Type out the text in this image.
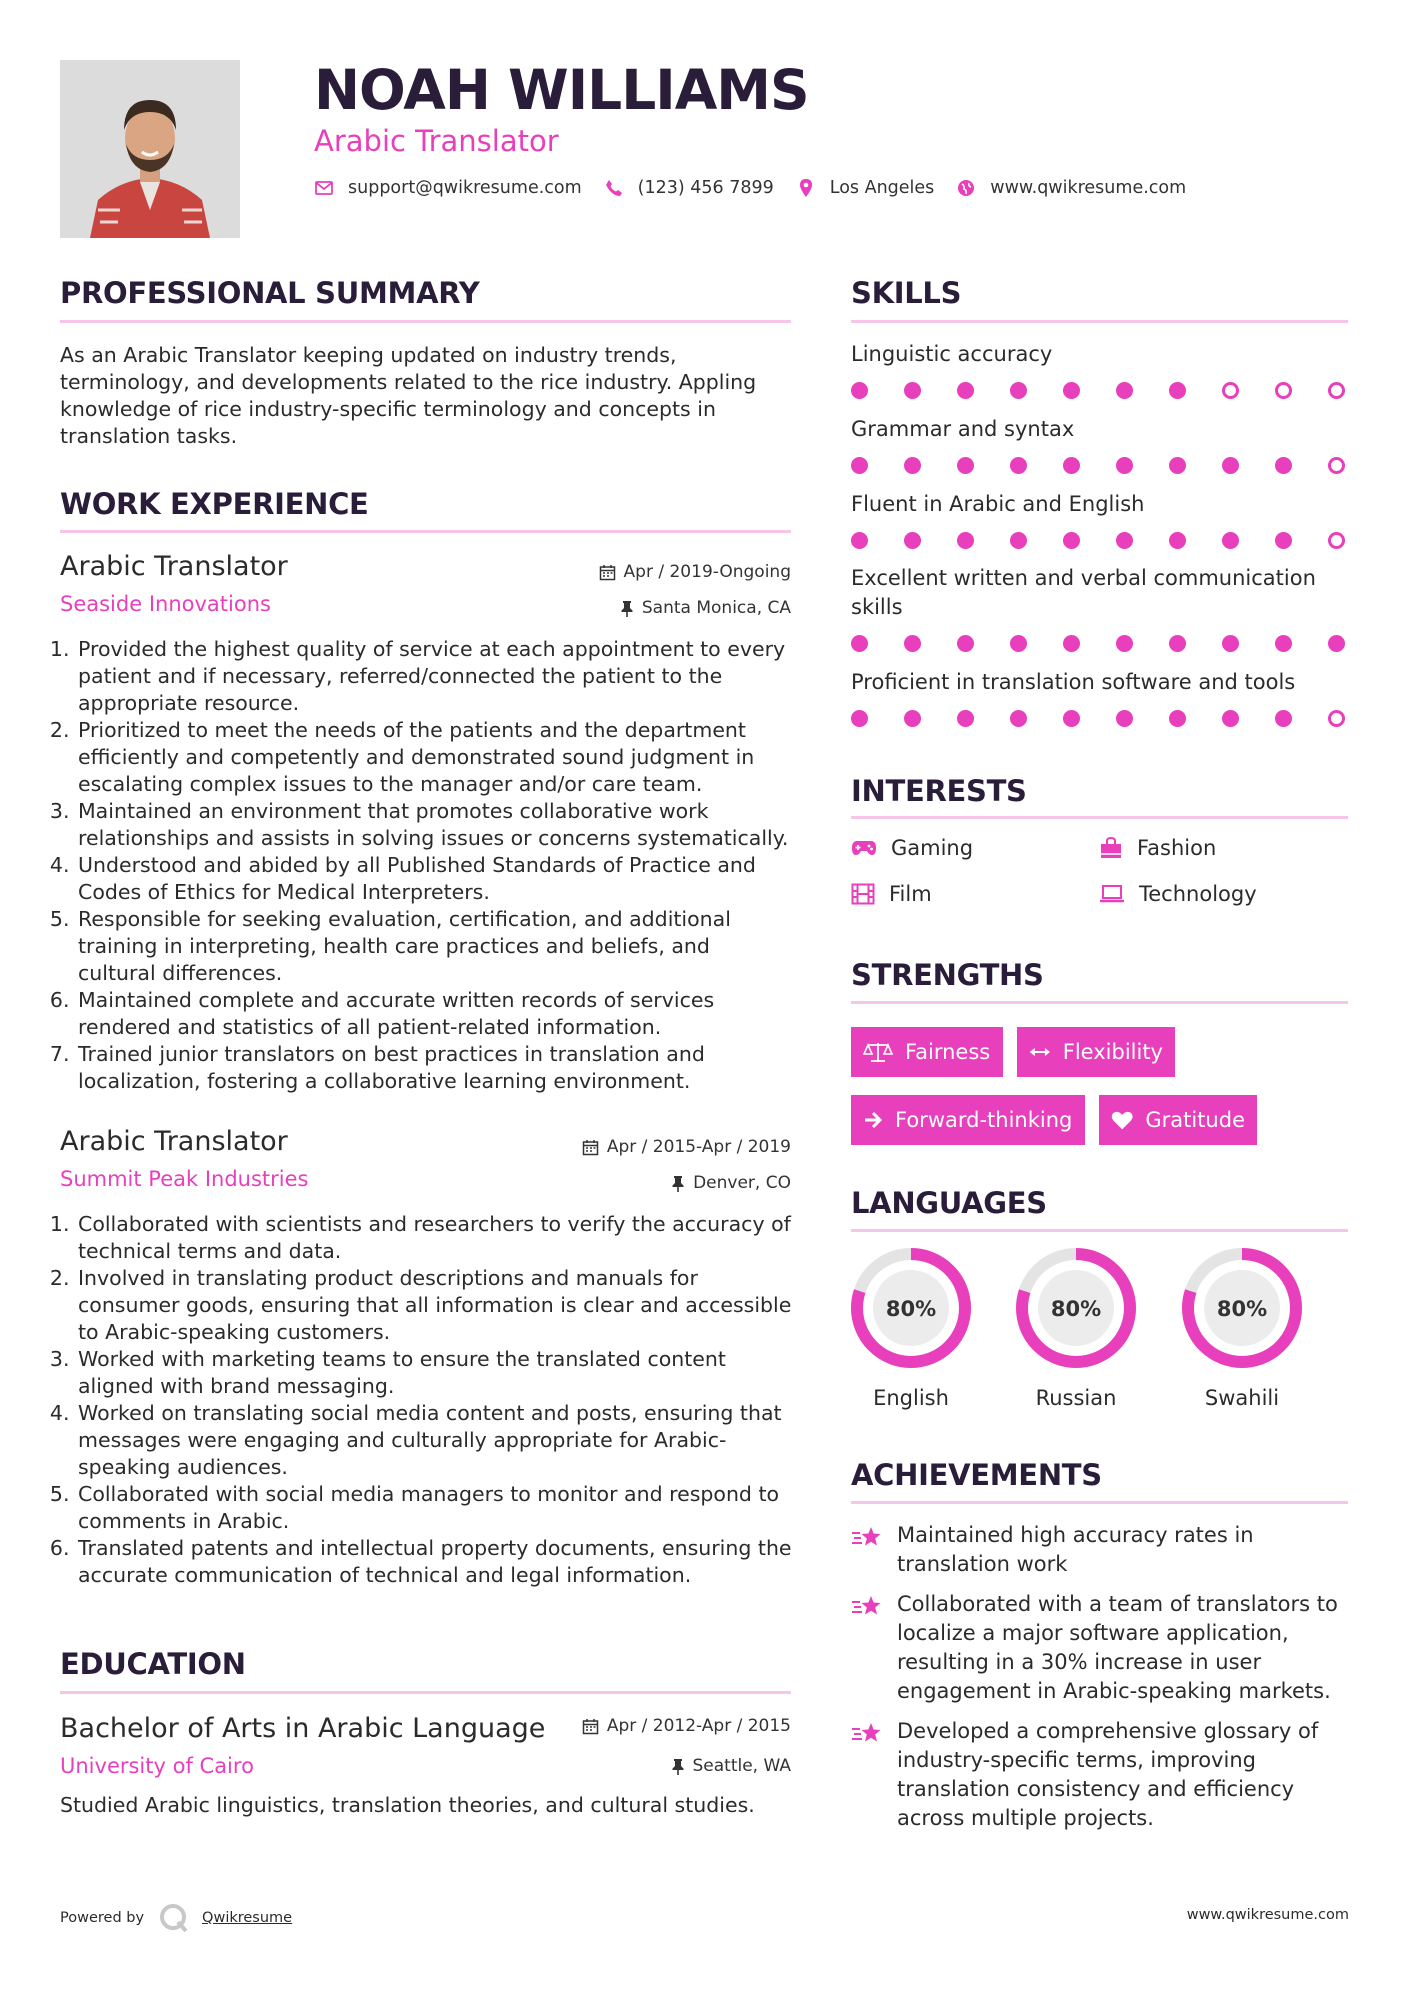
NOAH WILLIAMS
Arabic Translator
support@qwikresume.com	(123) 456 7899	Los Angeles	www.qwikresume.com
PROFESSIONAL SUMMARY
As an Arabic Translator keeping updated on industry trends, terminology, and developments related to the rice industry. Appling knowledge of rice industry-specific terminology and concepts in translation tasks.
WORK EXPERIENCE
Arabic Translator
Seaside Innovations
Apr / 2019-Ongoing
Santa Monica, CA
1. Provided the highest quality of service at each appointment to every patient and if necessary, referred/connected the patient to the appropriate resource.
2. Prioritized to meet the needs of the patients and the department efficiently and competently and demonstrated sound judgment in escalating complex issues to the manager and/or care team.
3. Maintained an environment that promotes collaborative work relationships and assists in solving issues or concerns systematically.
4. Understood and abided by all Published Standards of Practice and Codes of Ethics for Medical Interpreters.
5. Responsible for seeking evaluation, certification, and additional training in interpreting, health care practices and beliefs, and cultural differences.
6. Maintained complete and accurate written records of services rendered and statistics of all patient-related information.
7. Trained junior translators on best practices in translation and localization, fostering a collaborative learning environment.
Arabic Translator
Summit Peak Industries
Apr / 2015-Apr / 2019
Denver, CO
1. Collaborated with scientists and researchers to verify the accuracy of technical terms and data.
2. Involved in translating product descriptions and manuals for consumer goods, ensuring that all information is clear and accessible to Arabic-speaking customers.
3. Worked with marketing teams to ensure the translated content aligned with brand messaging.
4. Worked on translating social media content and posts, ensuring that messages were engaging and culturally appropriate for Arabic-speaking audiences.
5. Collaborated with social media managers to monitor and respond to comments in Arabic.
6. Translated patents and intellectual property documents, ensuring the accurate communication of technical and legal information.
EDUCATION
Bachelor of Arts in Arabic Language
University of Cairo
Apr / 2012-Apr / 2015
Seattle, WA
Studied Arabic linguistics, translation theories, and cultural studies.
SKILLS
Linguistic accuracy
Grammar and syntax
Fluent in Arabic and English
Excellent written and verbal communication skills
Proficient in translation software and tools
INTERESTS
Gaming	Fashion
Film	Technology
STRENGTHS
Fairness	Flexibility
Forward-thinking	Gratitude
LANGUAGES
80%
English
80%
Russian
80%
Swahili
ACHIEVEMENTS
Maintained high accuracy rates in translation work
Collaborated with a team of translators to localize a major software application, resulting in a 30% increase in user engagement in Arabic-speaking markets.
Developed a comprehensive glossary of industry-specific terms, improving translation consistency and efficiency across multiple projects.
Powered by	Qwikresume	www.qwikresume.com
